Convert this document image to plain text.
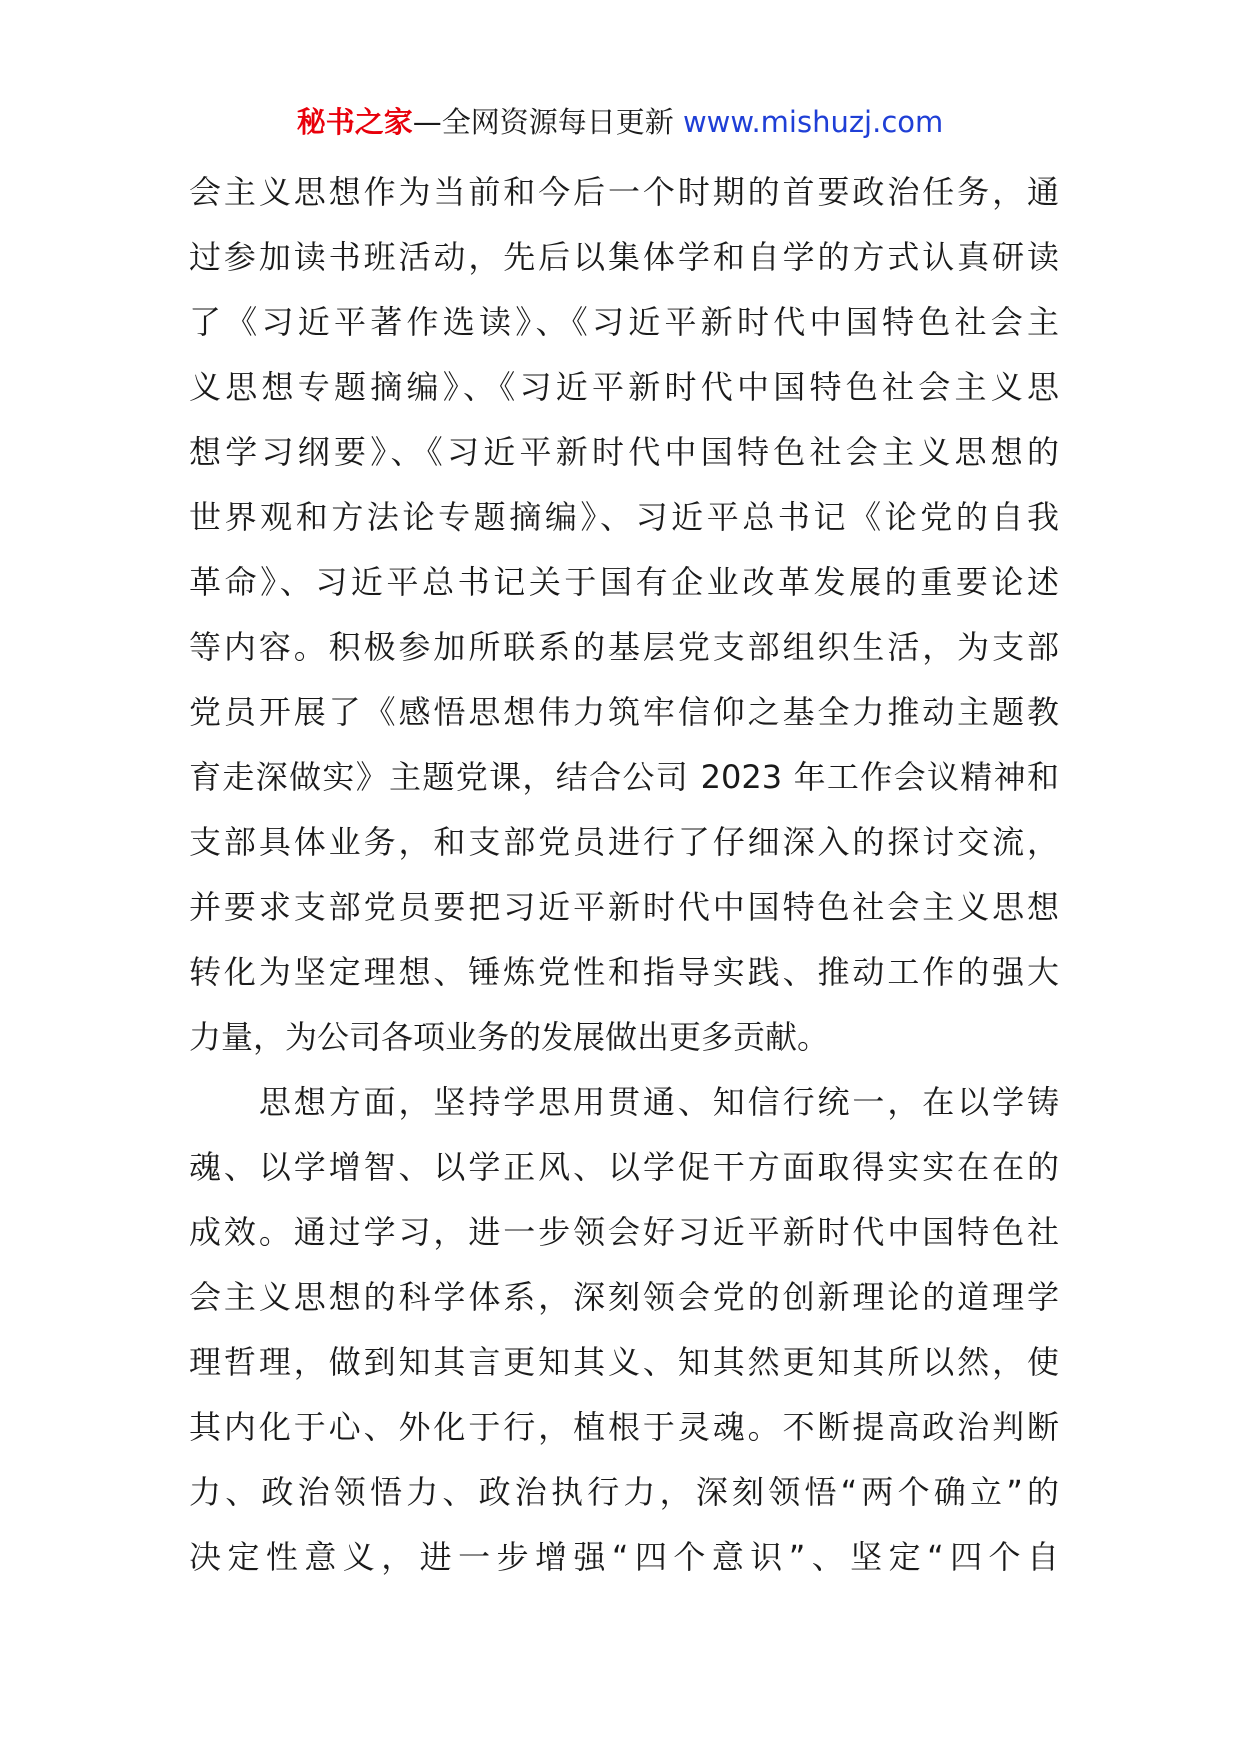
秘书之家—全网资源每日更新 www.mishuzj.com
会主义思想作为当前和今后一个时期的首要政治任务，通
过参加读书班活动，先后以集体学和自学的方式认真研读
了《习近平著作选读》、《习近平新时代中国特色社会主
义思想专题摘编》、《习近平新时代中国特色社会主义思
想学习纲要》、《习近平新时代中国特色社会主义思想的
世界观和方法论专题摘编》、习近平总书记《论党的自我
革命》、习近平总书记关于国有企业改革发展的重要论述
等内容。积极参加所联系的基层党支部组织生活，为支部
党员开展了《感悟思想伟力筑牢信仰之基全力推动主题教
育走深做实》主题党课，结合公司 2023 年工作会议精神和
支部具体业务，和支部党员进行了仔细深入的探讨交流，
并要求支部党员要把习近平新时代中国特色社会主义思想
转化为坚定理想、锤炼党性和指导实践、推动工作的强大
力量，为公司各项业务的发展做出更多贡献。
　　思想方面，坚持学思用贯通、知信行统一，在以学铸
魂、以学增智、以学正风、以学促干方面取得实实在在的
成效。通过学习，进一步领会好习近平新时代中国特色社
会主义思想的科学体系，深刻领会党的创新理论的道理学
理哲理，做到知其言更知其义、知其然更知其所以然，使
其内化于心、外化于行，植根于灵魂。不断提高政治判断
力、政治领悟力、政治执行力，深刻领悟“两个确立”的
决定性意义，进一步增强“四个意识”、坚定“四个自
